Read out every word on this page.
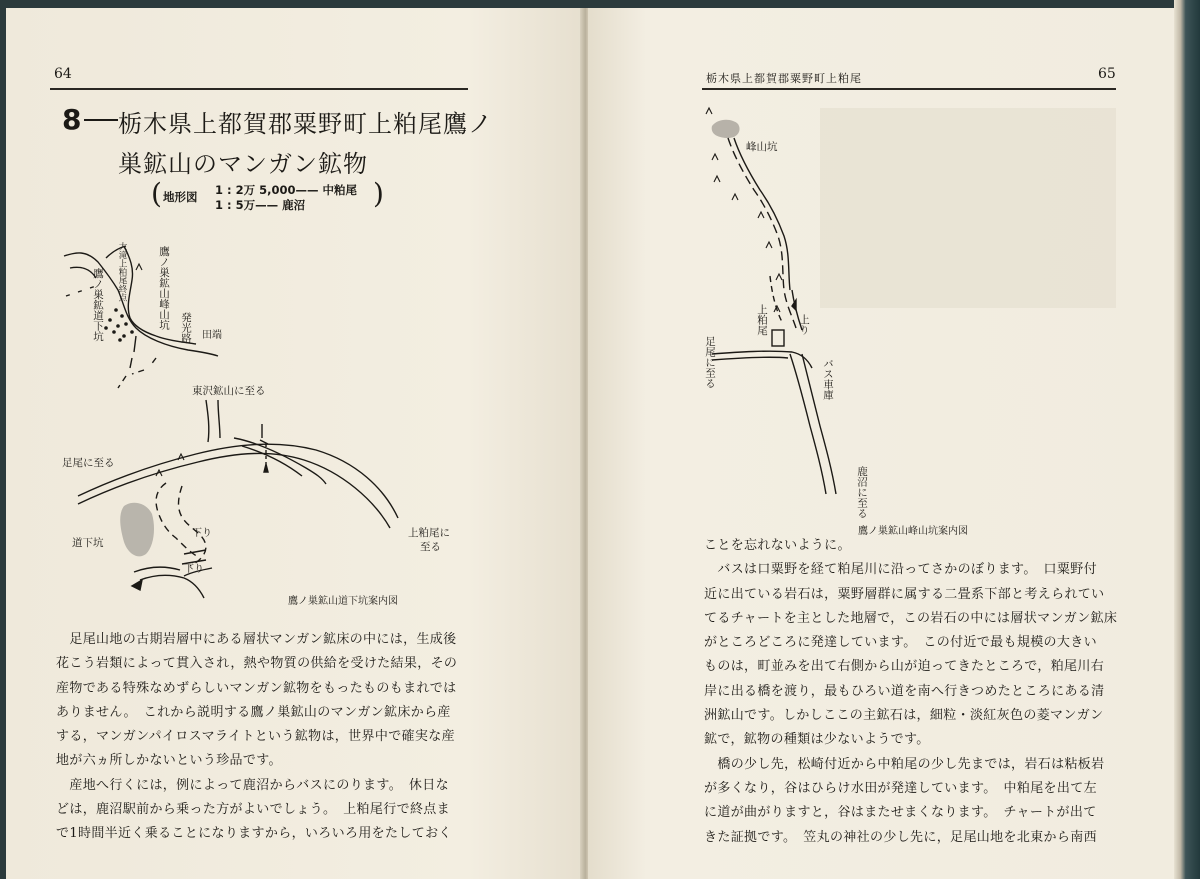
64
8 栃木県上都賀郡粟野町上粕尾鷹ノ
巣鉱山のマンガン鉱物
( 地形図 1 : 2万 5,000—— 中粕尾
1 : 5万—— 鹿沼 )
鷹ノ巣鉱山峰山坑
大滝上粕尾終点
鷹ノ巣鉱道下坑	発光路 田端
東沢鉱山に至る
足尾に至る
上粕尾に
至る
道下坑
下り
下り
鷹ノ巣鉱山道下坑案内図

　足尾山地の古期岩層中にある層状マンガン鉱床の中には，生成後

花こう岩類によって貫入され，熱や物質の供給を受けた結果，その

産物である特殊なめずらしいマンガン鉱物をもったものもまれでは

ありません。　これから説明する鷹ノ巣鉱山のマンガン鉱床から産

する，マンガンパイロスマライトという鉱物は，世界中で確実な産

地が六ヵ所しかないという珍品です。

　産地へ行くには，例によって鹿沼からバスにのります。　休日な

どは，鹿沼駅前から乗った方がよいでしょう。　上粕尾行で終点ま

で1時間半近く乗ることになりますから，いろいろ用をたしておく

栃木県上都賀郡粟野町上粕尾	65
峰山坑
上粕尾	上り
足尾に至る	バス車庫
鹿沼に至る
鷹ノ巣鉱山峰山坑案内図

ことを忘れないように。

　バスは口粟野を経て粕尾川に沿ってさかのぼります。　口粟野付

近に出ている岩石は，粟野層群に属する二畳系下部と考えられてい

てるチャートを主とした地層で，この岩石の中には層状マンガン鉱床

がところどころに発達しています。　この付近で最も規模の大きい

ものは，町並みを出て右側から山が迫ってきたところで，粕尾川右

岸に出る橋を渡り，最もひろい道を南へ行きつめたところにある清

洲鉱山です。しかしここの主鉱石は，細粒・淡紅灰色の菱マンガン

鉱で，鉱物の種類は少ないようです。

　橋の少し先，松崎付近から中粕尾の少し先までは，岩石は粘板岩

が多くなり，谷はひらけ水田が発達しています。　中粕尾を出て左

に道が曲がりますと，谷はまたせまくなります。　チャートが出て

きた証拠です。　笠丸の神社の少し先に，足尾山地を北東から南西
